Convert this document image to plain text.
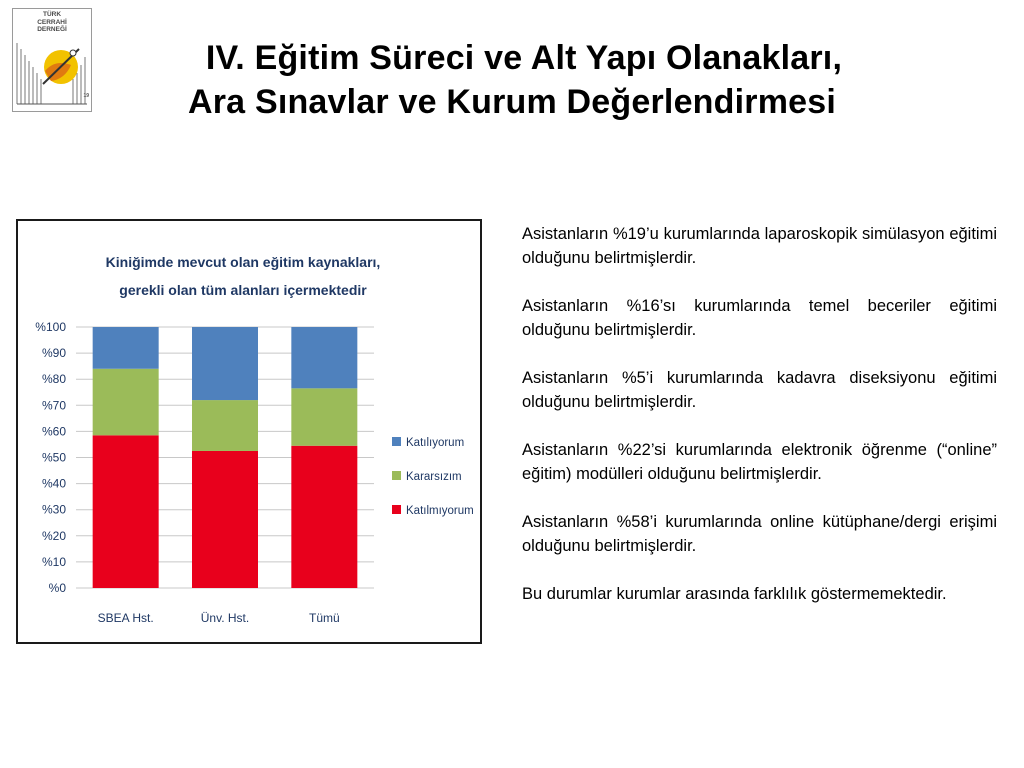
TÜRK
CERRAHİ
DERNEĞİ
19
IV. Eğitim Süreci ve Alt Yapı Olanakları,
Ara Sınavlar ve Kurum Değerlendirmesi
Kiniğimde mevcut olan eğitim kaynakları,
gerekli olan tüm alanları içermektedir
%0
%10
%20
%30
%40
%50
%60
%70
%80
%90
%100
SBEA Hst.	Ünv. Hst.	Tümü
Katılıyorum
Kararsızım
Katılmıyorum

Asistanların %19’u kurumlarında laparoskopik simülasyon eğitimi olduğunu belirtmişlerdir.

Asistanların %16’sı kurumlarında temel beceriler eğitimi olduğunu belirtmişlerdir.

Asistanların %5’i kurumlarında kadavra diseksiyonu eğitimi olduğunu belirtmişlerdir.

Asistanların %22’si kurumlarında elektronik öğrenme (“online” eğitim) modülleri olduğunu belirtmişlerdir.

Asistanların %58’i kurumlarında online kütüphane/dergi erişimi olduğunu belirtmişlerdir.

Bu durumlar kurumlar arasında farklılık göstermemektedir.
